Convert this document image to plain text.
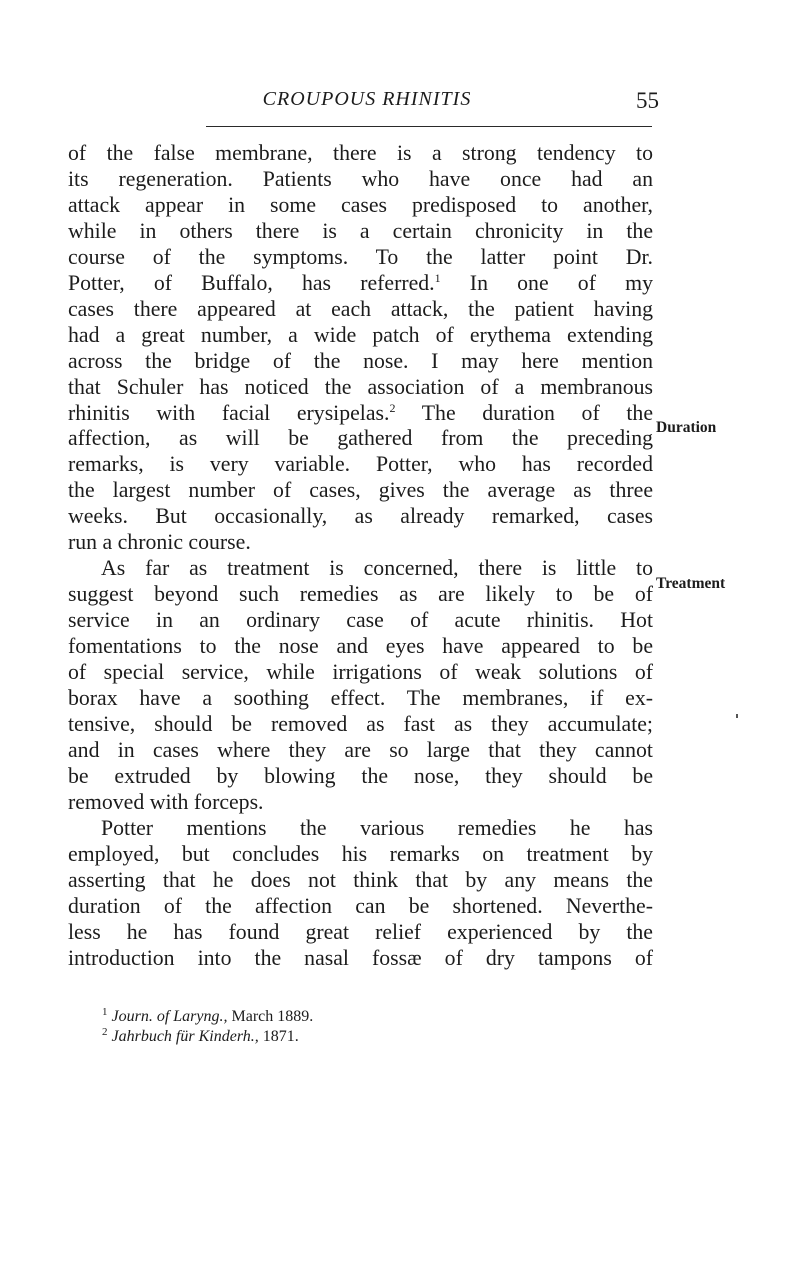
CROUPOUS RHINITIS	55
of the false membrane, there is a strong tendency to
its regeneration. Patients who have once had an
attack appear in some cases predisposed to another,
while in others there is a certain chronicity in the
course of the symptoms. To the latter point Dr.
Potter, of Buffalo, has referred.$^1$ In one of my
cases there appeared at each attack, the patient having
had a great number, a wide patch of erythema extending
across the bridge of the nose. I may here mention
that Schuler has noticed the association of a membranous
rhinitis with facial erysipelas.$^2$ The duration of the
affection, as will be gathered from the preceding
remarks, is very variable. Potter, who has recorded
the largest number of cases, gives the average as three
weeks. But occasionally, as already remarked, cases
run a chronic course.
As far as treatment is concerned, there is little to
suggest beyond such remedies as are likely to be of
service in an ordinary case of acute rhinitis. Hot
fomentations to the nose and eyes have appeared to be
of special service, while irrigations of weak solutions of
borax have a soothing effect. The membranes, if ex-
tensive, should be removed as fast as they accumulate;
and in cases where they are so large that they cannot
be extruded by blowing the nose, they should be
removed with forceps.
Potter mentions the various remedies he has
employed, but concludes his remarks on treatment by
asserting that he does not think that by any means the
duration of the affection can be shortened. Neverthe-
less he has found great relief experienced by the
introduction into the nasal fossæ of dry tampons of
Duration
Treatment
$^1$ Journ. of Laryng., March 1889.
$^2$ Jahrbuch für Kinderh., 1871.
